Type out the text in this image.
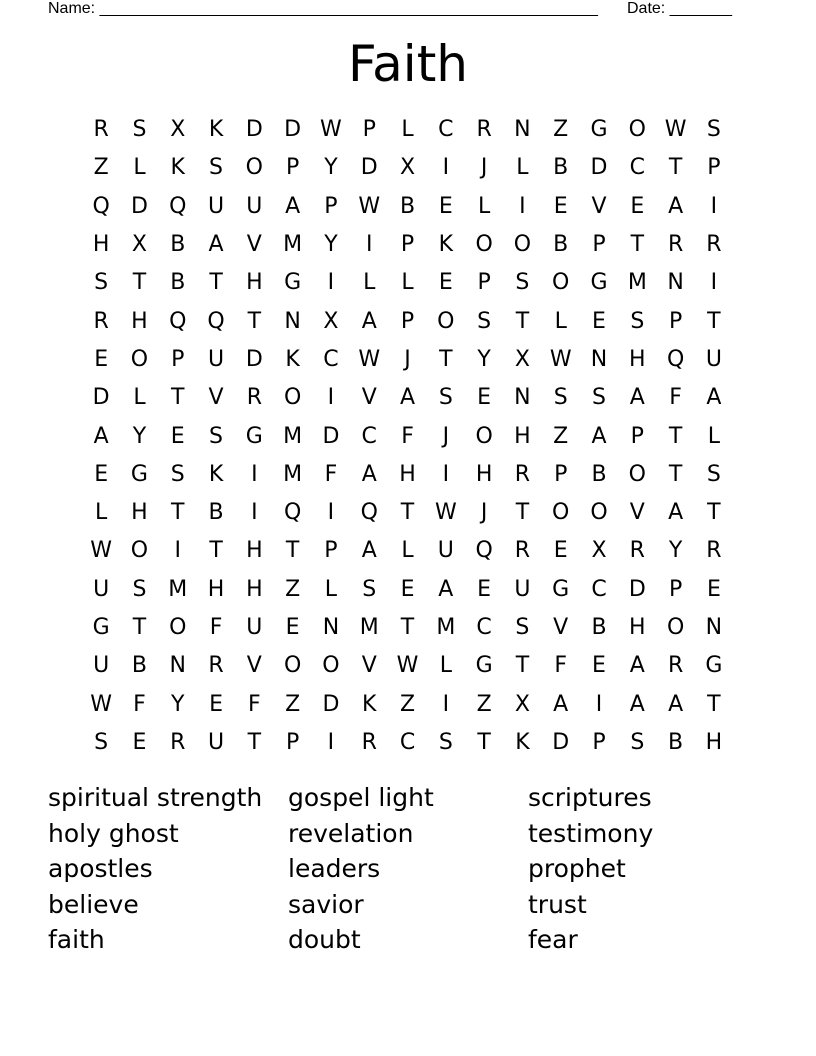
Name: ________________________________________________________ Date: _______
Faith
R	S	X	K	D D W P	L	C	R	N	Z	G O W S
Z	L	K	S	O	P	Y	D	X	I	J	L	B	D	C	T	P
Q D Q U	U	A	P W B	E	L	I	E	V	E	A	I
H	X	B	A	V M	Y	I	P	K	O O	B	P	T	R	R
S	T	B	T	H G	I	L	L	E	P	S	O G M N	I
R	H Q Q	T	N	X	A	P	O	S	T	L	E	S	P	T
E	O	P	U D	K	C W	J	T	Y	X W N H Q U
D	L	T	V	R O	I	V	A	S	E	N	S	S	A	F	A
A	Y	E	S	G M D	C	F	J	O H	Z	A	P	T	L
E	G	S	K	I	M	F	A	H	I	H	R	P	B	O	T	S
L	H	T	B	I	Q	I	Q	T W	J	T	O O	V	A	T
W O	I	T	H	T	P	A	L	U Q R	E	X	R	Y	R
U	S M H H	Z	L	S	E	A	E	U G	C	D	P	E
G	T	O	F	U	E	N M	T	M C	S	V	B	H O N
U	B	N	R	V	O O	V W L	G	T	F	E	A	R	G
W F	Y	E	F	Z	D	K	Z	I	Z	X	A	I	A	A	T
S	E	R	U	T	P	I	R	C	S	T	K	D	P	S	B	H
spiritual strength	gospel light	scriptures
holy ghost	revelation	testimony
apostles	leaders	prophet
believe	savior	trust
faith	doubt	fear
